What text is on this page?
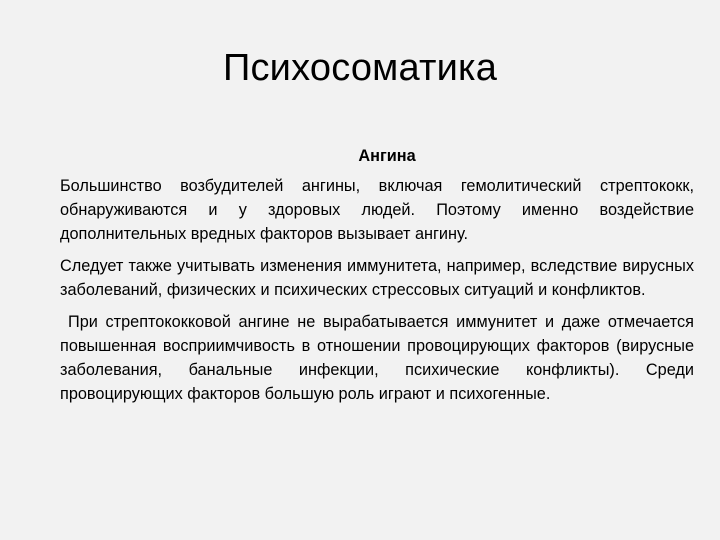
Психосоматика
Ангина

Большинство возбудителей ангины, включая гемолитический стрептококк, обнаруживаются и у здоровых людей. Поэтому именно воздействие дополнительных вредных факторов вызывает ангину.

Следует также учитывать изменения иммунитета, например, вследствие вирусных заболеваний, физических и психических стрессовых ситуаций и конфликтов.

При стрептококковой ангине не вырабатывается иммунитет и даже отмечается повышенная восприимчивость в отношении провоцирующих факторов (вирусные заболевания, банальные инфекции, психические конфликты). Среди провоцирующих факторов большую роль играют и психогенные.
